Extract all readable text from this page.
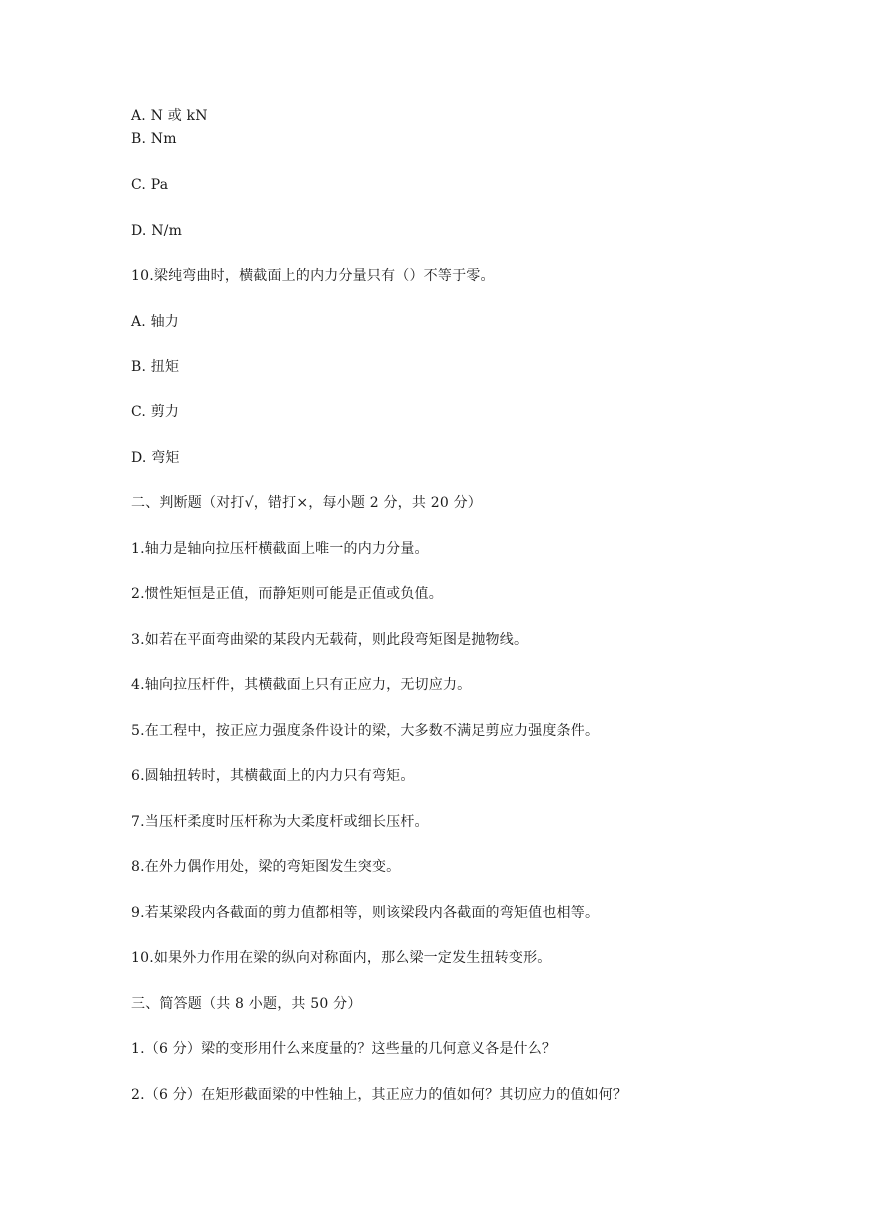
A. N 或 kN
B. Nm
C. Pa
D. N/m
10.梁纯弯曲时，横截面上的内力分量只有（）不等于零。
A. 轴力
B. 扭矩
C. 剪力
D. 弯矩
二、判断题（对打√，错打×，每小题 2 分，共 20 分）
1.轴力是轴向拉压杆横截面上唯一的内力分量。
2.惯性矩恒是正值，而静矩则可能是正值或负值。
3.如若在平面弯曲梁的某段内无载荷，则此段弯矩图是抛物线。
4.轴向拉压杆件，其横截面上只有正应力，无切应力。
5.在工程中，按正应力强度条件设计的梁，大多数不满足剪应力强度条件。
6.圆轴扭转时，其横截面上的内力只有弯矩。
7.当压杆柔度时压杆称为大柔度杆或细长压杆。
8.在外力偶作用处，梁的弯矩图发生突变。
9.若某梁段内各截面的剪力值都相等，则该梁段内各截面的弯矩值也相等。
10.如果外力作用在梁的纵向对称面内，那么梁一定发生扭转变形。
三、简答题（共 8 小题，共 50 分）
1.（6 分）梁的变形用什么来度量的？这些量的几何意义各是什么？
2.（6 分）在矩形截面梁的中性轴上，其正应力的值如何？其切应力的值如何？
